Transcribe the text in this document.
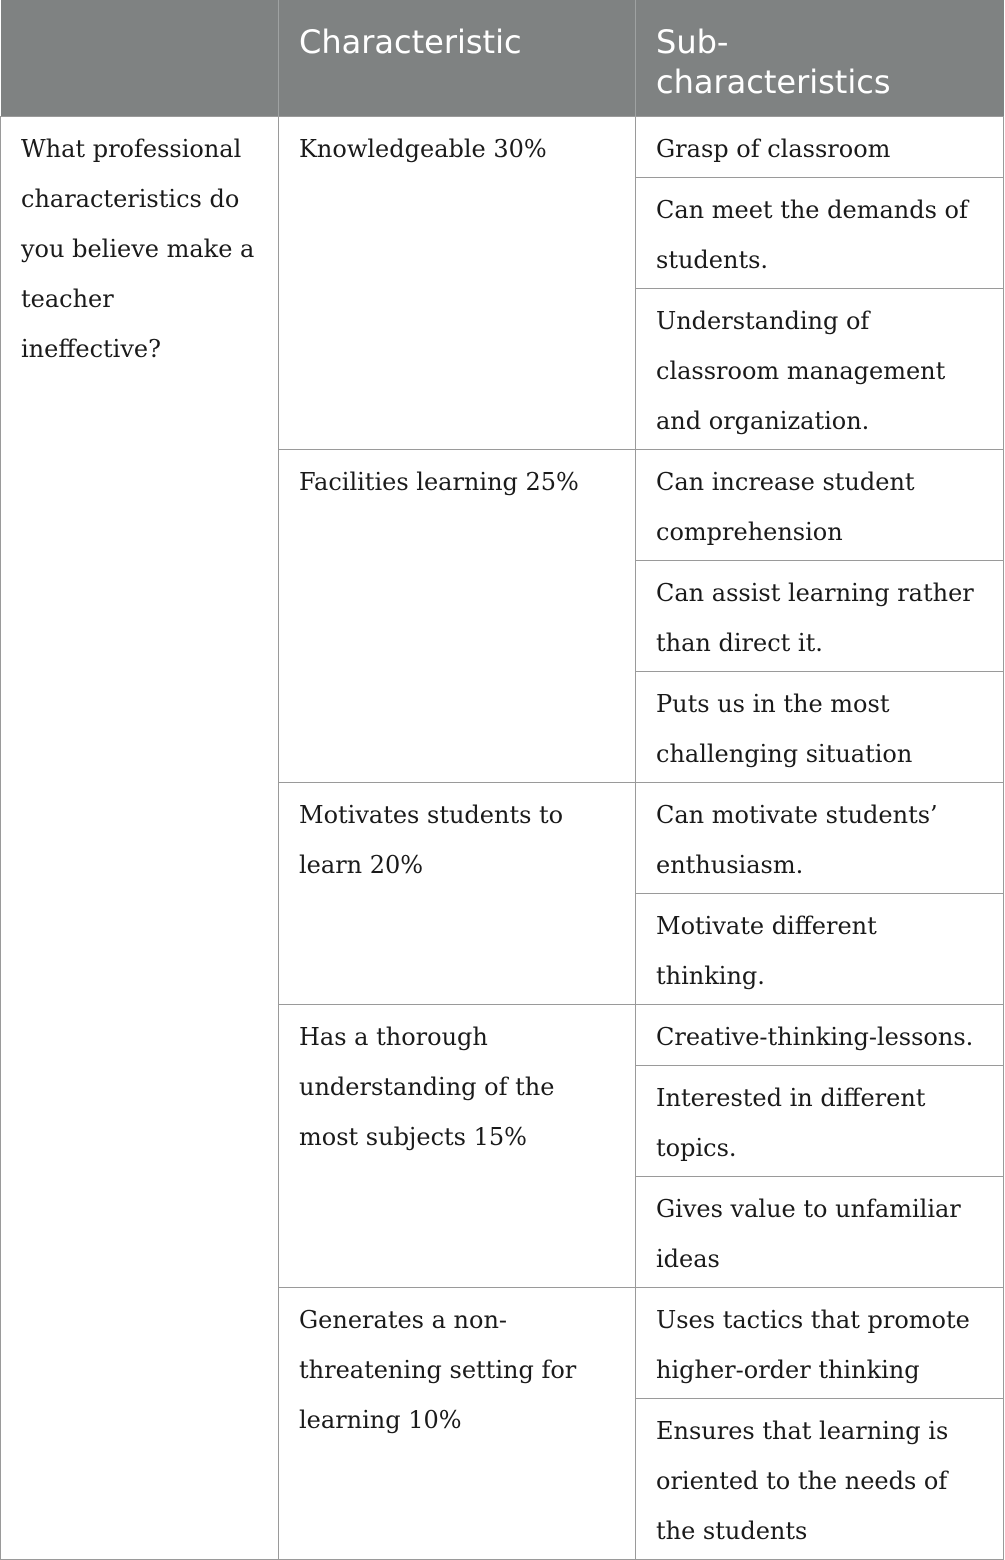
	Characteristic	Sub-
characteristics
What professional characteristics do you believe make a teacher ineffective?	Knowledgeable 30%	Grasp of classroom
		Can meet the demands of students.
		Understanding of classroom management and organization.
	Facilities learning 25%	Can increase student comprehension
		Can assist learning rather than direct it.
		Puts us in the most challenging situation
	Motivates students to learn 20%	Can motivate students’ enthusiasm.
		Motivate different thinking.
	Has a thorough understanding of the most subjects 15%	Creative-thinking-lessons.
		Interested in different topics.
		Gives value to unfamiliar ideas
	Generates a non-threatening setting for learning 10%	Uses tactics that promote higher-order thinking
		Ensures that learning is oriented to the needs of the students
